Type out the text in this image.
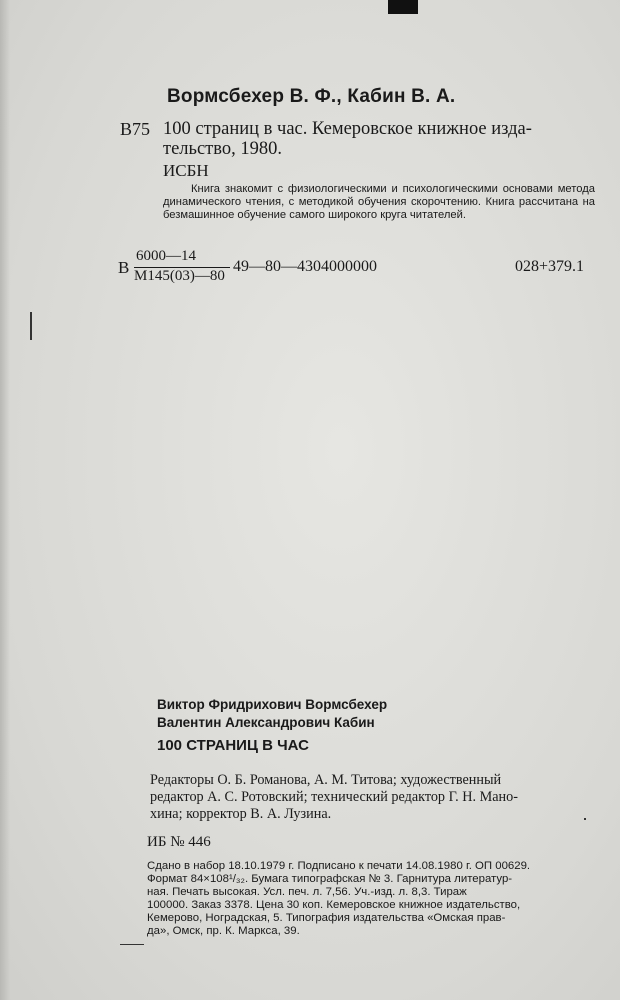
Вормсбехер В. Ф., Кабин В. А.
В75 100 страниц в час. Кемеровское книжное изда-
тельство, 1980.
ИСБН

Книга знакомит с физиологическими и психологическими основами метода динамического чтения, с методикой обучения скорочтению. Книга рассчитана на безмашинное обучение самого широкого круга читателей.

В
6000—14
М145(03)—80
49—80—4304000000	028+379.1
Виктор Фридрихович Вормсбехер
Валентин Александрович Кабин
100 СТРАНИЦ В ЧАС

Редакторы О. Б. Романова, А. М. Титова; художественный

редактор А. С. Ротовский; технический редактор Г. Н. Мано-

хина; корректор В. А. Лузина.

ИБ № 446

Сдано в набор 18.10.1979 г. Подписано к печати 14.08.1980 г. ОП 00629.

Формат 84×108¹/₃₂. Бумага типографская № 3. Гарнитура литератур-

ная. Печать высокая. Усл. печ. л. 7,56. Уч.-изд. л. 8,3. Тираж

100000. Заказ 3378. Цена 30 коп. Кемеровское книжное издательство,

Кемерово, Ноградская, 5. Типография издательства «Омская прав-

да», Омск, пр. К. Маркса, 39.
